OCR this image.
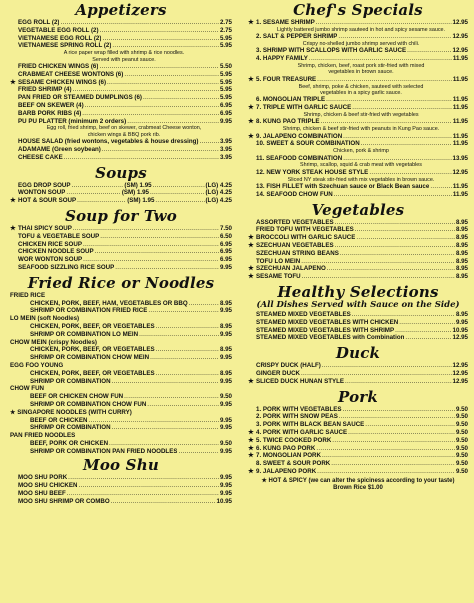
Appetizers
EGG ROLL (2) .....	2.75
VEGETABLE EGG ROLL (2) .....	2.75
VIETNAMESE EGG ROLL (2) .....	5.95
VIETNAMESE SPRING ROLL (2) .....	5.95
A rice paper wrap filled with shrimp & rice noodles.
Served with peanut sauce.
FRIED CHICKEN WINGS (6) .....	5.50
CRABMEAT CHEESE WONTONS (6) .....	5.95
★ SESAME CHICKEN WINGS (6) .....	5.95
FRIED SHRIMP (4) .....	5.95
PAN FRIED OR STEAMED DUMPLINGS (6) .....	5.95
BEEF ON SKEWER (4) .....	6.95
BARB PORK RIBS (4) .....	6.95
PU PU PLATTER (minimum 2 orders) .....	9.95
Egg roll, fried shrimp, beef on skewer, crabmeat Cheese wonton,
chicken wings & BBQ pork rib.
HOUSE SALAD (fried wontons, vegetables & house dressing) .....	3.95
ADAMAME (Green soybean) .....	3.95
CHEESE CAKE .....	3.95
Soups
EGG DROP SOUP .....	(SM) 1.95 .....	(LG) 4.25
WONTON SOUP .....	(SM) 1.95 .....	(LG) 4.25
★ HOT & SOUR SOUP .....	(SM) 1.95 .....	(LG) 4.25
Soup for Two
★ THAI SPICY SOUP .....	7.50
TOFU & VEGETABLE SOUP .....	6.50
CHICKEN RICE SOUP .....	6.95
CHICKEN NOODLE SOUP .....	6.95
WOR WONTON SOUP .....	6.95
SEAFOOD SIZZLING RICE SOUP .....	9.95
Fried Rice or Noodles
FRIED RICE
CHICKEN, PORK, BEEF, HAM, VEGETABLES OR BBQ .....	8.95
SHRIMP OR COMBINATION FRIED RICE .....	9.95
LO MEIN (soft Noodles)
CHICKEN, PORK, BEEF, OR VEGETABLES .....	8.95
SHRIMP OR COMBINATION LO MEIN .....	9.95
CHOW MEIN (crispy Noodles)
CHICKEN, PORK, BEEF, OR VEGETABLES .....	8.95
SHRIMP OR COMBINATION CHOW MEIN .....	9.95
EGG FOO YOUNG
CHICKEN, PORK, BEEF, OR VEGETABLES .....	8.95
SHRIMP OR COMBINATION .....	9.95
CHOW FUN
BEEF OR CHICKEN CHOW FUN .....	9.50
SHRIMP OR COMBINATION CHOW FUN .....	9.95
★ SINGAPORE NOODLES (WITH CURRY)
BEEF OR CHICKEN .....	9.95
SHRIMP OR COMBINATION .....	9.95
PAN FRIED NOODLES
BEEF, PORK OR CHICKEN .....	9.50
SHRIMP OR COMBINATION PAN FRIED NOODLES .....	9.95
Moo Shu
MOO SHU PORK .....	9.95
MOO SHU CHICKEN .....	9.95
MOO SHU BEEF .....	9.95
MOO SHU SHRIMP OR COMBO .....	10.95
Chef's Specials
★ 1. SESAME SHRIMP .....	12.95
Lightly battered jumbo shrimp sauteed in hot and spicy sesame sauce.
2. SALT & PEPPER SHRIMP .....	12.95
Crispy no-shelled jumbo shrimp served with chili.
3. SHRIMP WITH SCALLOPS WITH GARLIC SAUCE .....	12.95
4. HAPPY FAMILY .....	11.95
Shrimp, chicken, beef, roast pork stir-fried with mixed
vegetables in brown sauce.
★ 5. FOUR TREASURE .....	11.95
Beef, shrimp, poke & chicken, sauteed with selected
vegetables in a spicy garlic sauce.
6. MONGOLIAN TRIPLE .....	11.95
★ 7. TRIPLE WITH GARLIC SAUCE .....	11.95
Shrimp, chicken & beef stir-fried with vegetables
★ 8. KUNG PAO TRIPLE .....	11.95
Shrimp, chicken & beef stir-fried with peanuts in Kung Pao sauce.
★ 9. JALAPENO COMBINATION .....	11.95
10. SWEET & SOUR COMBINATION .....	11.95
Chicken, pork & shrimp
11. SEAFOOD COMBINATION .....	13.95
Shrimp, scallop, squid & crab meat with vegetables
12. NEW YORK STEAK HOUSE STYLE .....	12.95
Sliced NY steak stir-fried with mix vegetables in brown sauce.
13. FISH FILLET with Szechuan sauce or Black Bean sauce .....	11.95
14. SEAFOOD CHOW FUN .....	11.95
Vegetables
ASSORTED VEGETABLES .....	8.95
FRIED TOFU WITH VEGETABLES .....	8.95
★ BROCCOLI WITH GARLIC SAUCE .....	8.95
★ SZECHUAN VEGETABLES .....	8.95
SZECHUAN STRING BEANS .....	8.95
TOFU LO MEIN .....	8.95
★ SZECHUAN JALAPENO .....	8.95
★ SESAME TOFU .....	8.95
Healthy Selections
(All Dishes Served with Sauce on the Side)
STEAMED MIXED VEGETABLES .....	8.95
STEAMED MIXED VEGETABLES WITH CHICKEN .....	9.95
STEAMED MIXED VEGETABLES WITH SHRIMP .....	10.95
STEAMED MIXED VEGETABLES with Combination .....	12.95
Duck
CRISPY DUCK (HALF) .....	12.95
GINGER DUCK .....	12.95
★ SLICED DUCK HUNAN STYLE .....	12.95
Pork
1. PORK WITH VEGETABLES .....	9.50
2. PORK WITH SNOW PEAS .....	9.50
3. PORK WITH BLACK BEAN SAUCE .....	9.50
★ 4. PORK WITH GARLIC SAUCE .....	9.50
★ 5. TWICE COOKED PORK .....	9.50
★ 6. KUNG PAO PORK .....	9.50
★ 7. MONGOLIAN PORK .....	9.50
8. SWEET & SOUR PORK .....	9.50
★ 9. JALAPENO PORK .....	9.50
★ HOT & SPICY (we can alter the spiciness according to your taste)
Brown Rice $1.00
